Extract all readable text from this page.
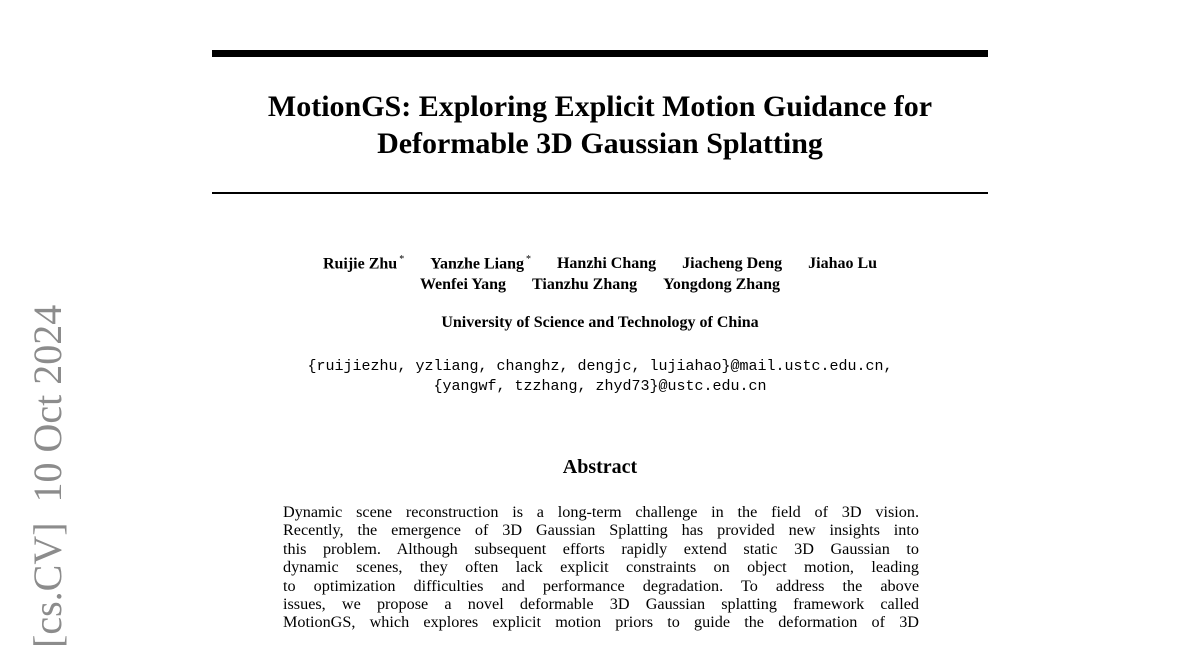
[cs.CV]  10 Oct 2024
MotionGS: Exploring Explicit Motion Guidance for
Deformable 3D Gaussian Splatting
Ruijie Zhu * Yanzhe Liang * Hanzhi Chang Jiacheng Deng Jiahao Lu
Wenfei Yang Tianzhu Zhang Yongdong Zhang
University of Science and Technology of China
{ruijiezhu, yzliang, changhz, dengjc, lujiahao}@mail.ustc.edu.cn,
{yangwf, tzzhang, zhyd73}@ustc.edu.cn
Abstract
Dynamic scene reconstruction is a long-term challenge in the field of 3D vision.
Recently, the emergence of 3D Gaussian Splatting has provided new insights into
this problem. Although subsequent efforts rapidly extend static 3D Gaussian to
dynamic scenes, they often lack explicit constraints on object motion, leading
to optimization difficulties and performance degradation. To address the above
issues, we propose a novel deformable 3D Gaussian splatting framework called
MotionGS, which explores explicit motion priors to guide the deformation of 3D
